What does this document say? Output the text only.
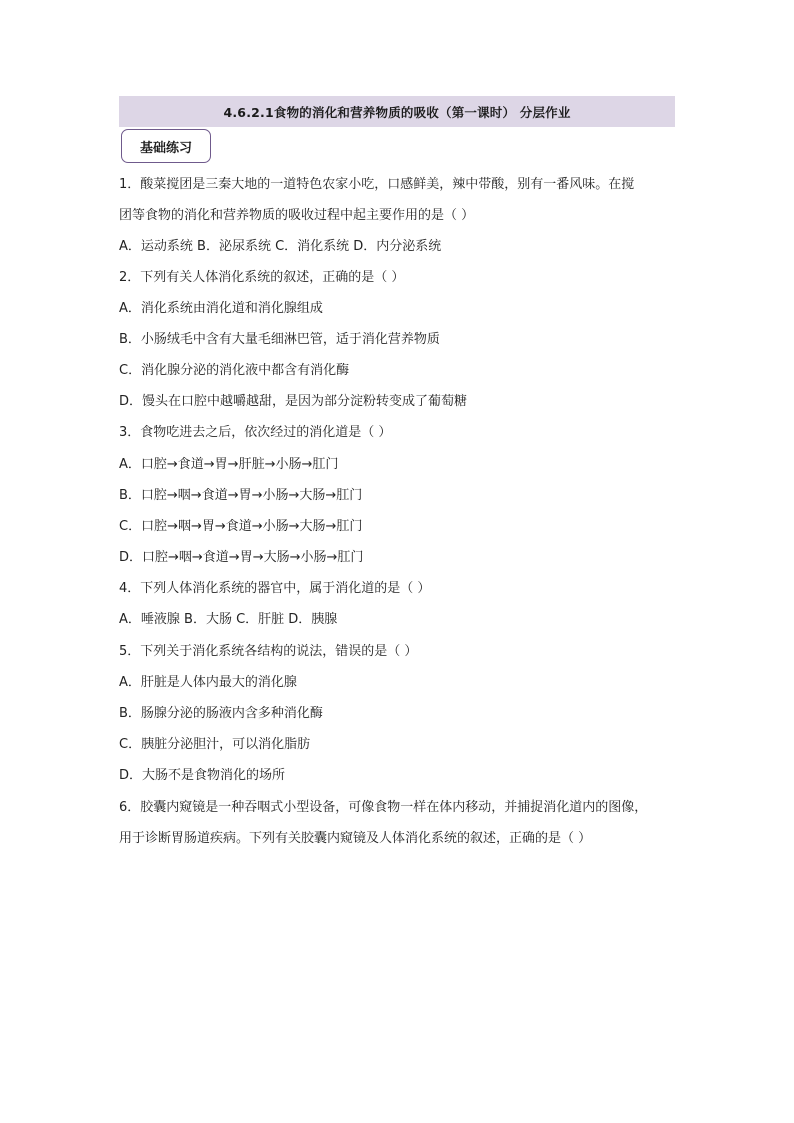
4.6.2.1食物的消化和营养物质的吸收（第一课时） 分层作业
基础练习
1．酸菜搅团是三秦大地的一道特色农家小吃，口感鲜美，辣中带酸，别有一番风味。在搅
团等食物的消化和营养物质的吸收过程中起主要作用的是（ ）
A．运动系统 B．泌尿系统 C．消化系统 D．内分泌系统
2．下列有关人体消化系统的叙述，正确的是（ ）
A．消化系统由消化道和消化腺组成
B．小肠绒毛中含有大量毛细淋巴管，适于消化营养物质
C．消化腺分泌的消化液中都含有消化酶
D．馒头在口腔中越嚼越甜，是因为部分淀粉转变成了葡萄糖
3．食物吃进去之后，依次经过的消化道是（ ）
A．口腔→食道→胃→肝脏→小肠→肛门
B．口腔→咽→食道→胃→小肠→大肠→肛门
C．口腔→咽→胃→食道→小肠→大肠→肛门
D．口腔→咽→食道→胃→大肠→小肠→肛门
4．下列人体消化系统的器官中，属于消化道的是（ ）
A．唾液腺 B．大肠 C．肝脏 D．胰腺
5．下列关于消化系统各结构的说法，错误的是（ ）
A．肝脏是人体内最大的消化腺
B．肠腺分泌的肠液内含多种消化酶
C．胰脏分泌胆汁，可以消化脂肪
D．大肠不是食物消化的场所
6．胶囊内窥镜是一种吞咽式小型设备，可像食物一样在体内移动，并捕捉消化道内的图像，
用于诊断胃肠道疾病。下列有关胶囊内窥镜及人体消化系统的叙述，正确的是（ ）
